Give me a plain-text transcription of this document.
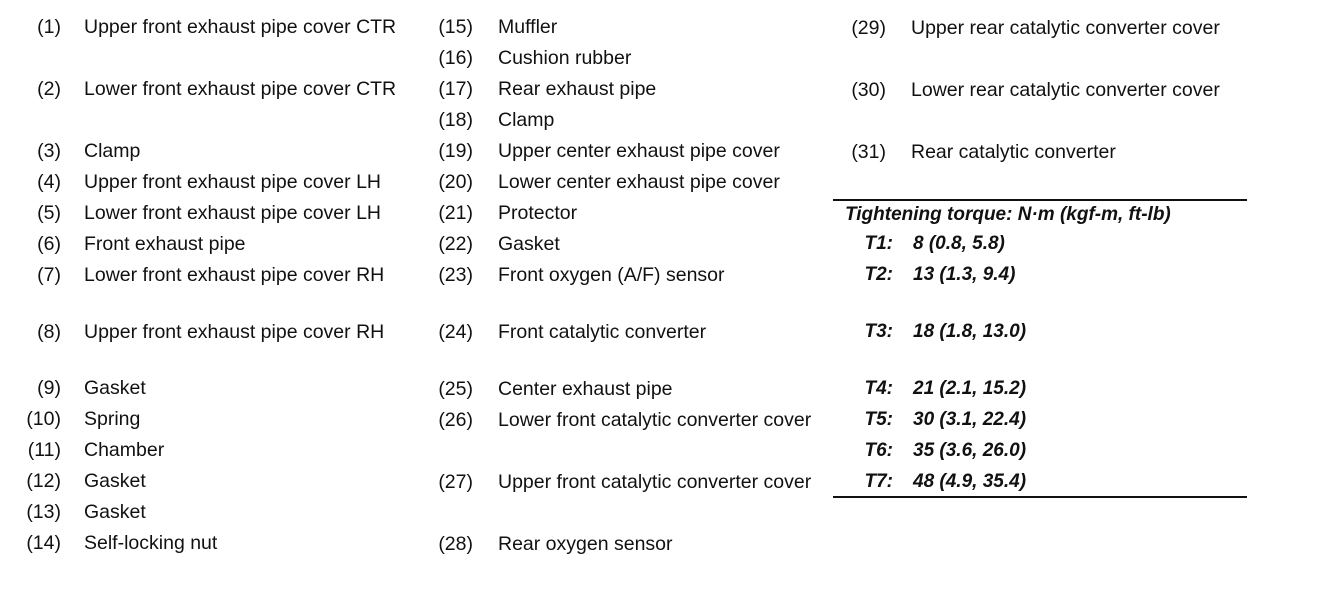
(1) Upper front exhaust pipe cover CTR
(2) Lower front exhaust pipe cover CTR
(3) Clamp
(4) Upper front exhaust pipe cover LH
(5) Lower front exhaust pipe cover LH
(6) Front exhaust pipe
(7) Lower front exhaust pipe cover RH
(8) Upper front exhaust pipe cover RH
(9) Gasket
(10) Spring
(11) Chamber
(12) Gasket
(13) Gasket
(14) Self-locking nut
(15) Muffler
(16) Cushion rubber
(17) Rear exhaust pipe
(18) Clamp
(19) Upper center exhaust pipe cover
(20) Lower center exhaust pipe cover
(21) Protector
(22) Gasket
(23) Front oxygen (A/F) sensor
(24) Front catalytic converter
(25) Center exhaust pipe
(26) Lower front catalytic converter cover
(27) Upper front catalytic converter cover
(28) Rear oxygen sensor
(29) Upper rear catalytic converter cover
(30) Lower rear catalytic converter cover
(31) Rear catalytic converter
Tightening torque: N·m (kgf-m, ft-lb)
T1: 8 (0.8, 5.8)
T2: 13 (1.3, 9.4)
T3: 18 (1.8, 13.0)
T4: 21 (2.1, 15.2)
T5: 30 (3.1, 22.4)
T6: 35 (3.6, 26.0)
T7: 48 (4.9, 35.4)
